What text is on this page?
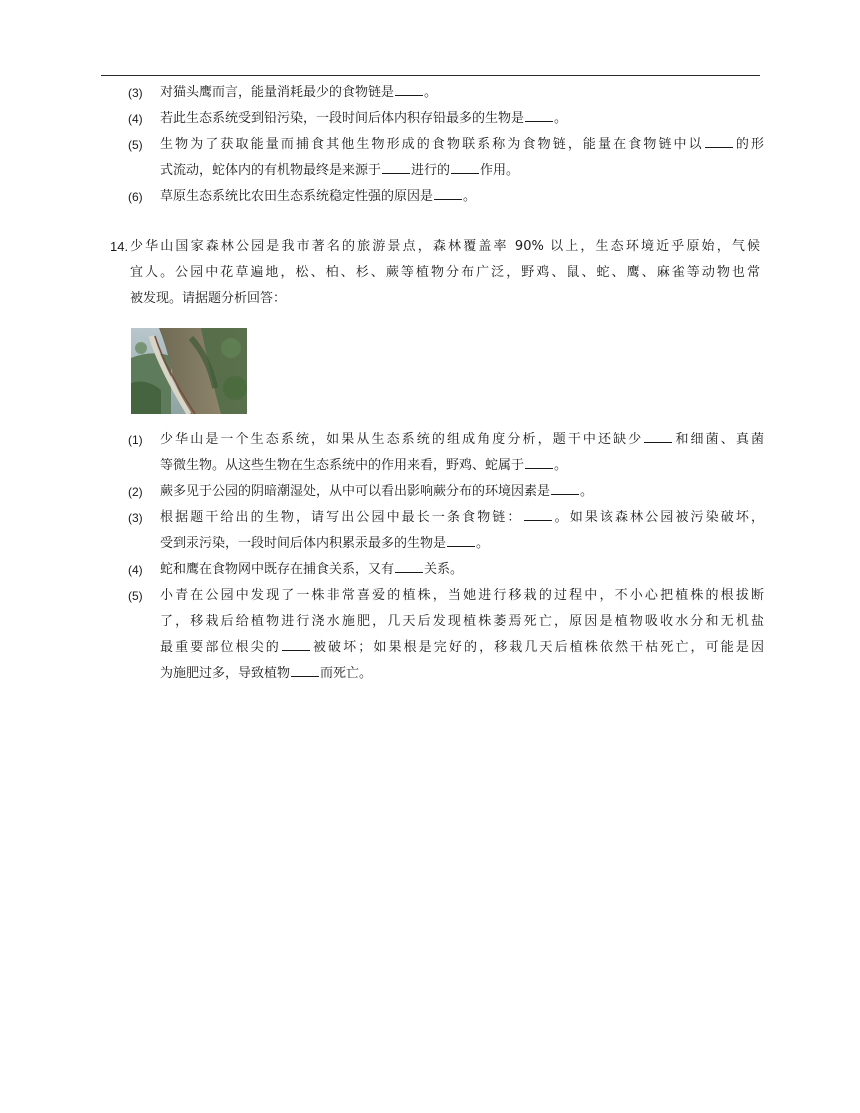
(3) 对猫头鹰而言，能量消耗最少的食物链是 。
(4) 若此生态系统受到铅污染，一段时间后体内积存铅最多的生物是 。
(5) 生物为了获取能量而捕食其他生物形成的食物联系称为食物链，能量在食物链中以 的形
式流动，蛇体内的有机物最终是来源于 进行的 作用。
(6) 草原生态系统比农田生态系统稳定性强的原因是 。
14. 少华山国家森林公园是我市著名的旅游景点，森林覆盖率 90% 以上，生态环境近乎原始，气候
宜人。公园中花草遍地，松、柏、杉、蕨等植物分布广泛，野鸡、鼠、蛇、鹰、麻雀等动物也常
被发现。请据题分析回答：
(1) 少华山是一个生态系统，如果从生态系统的组成角度分析，题干中还缺少 和细菌、真菌
等微生物。从这些生物在生态系统中的作用来看，野鸡、蛇属于 。
(2) 蕨多见于公园的阴暗潮湿处，从中可以看出影响蕨分布的环境因素是 。
(3) 根据题干给出的生物，请写出公园中最长一条食物链： 。如果该森林公园被污染破坏，
受到汞污染，一段时间后体内积累汞最多的生物是 。
(4) 蛇和鹰在食物网中既存在捕食关系，又有 关系。
(5) 小青在公园中发现了一株非常喜爱的植株，当她进行移栽的过程中，不小心把植株的根拔断
了，移栽后给植物进行浇水施肥，几天后发现植株萎焉死亡，原因是植物吸收水分和无机盐
最重要部位根尖的 被破坏；如果根是完好的，移栽几天后植株依然干枯死亡，可能是因
为施肥过多，导致植物 而死亡。
